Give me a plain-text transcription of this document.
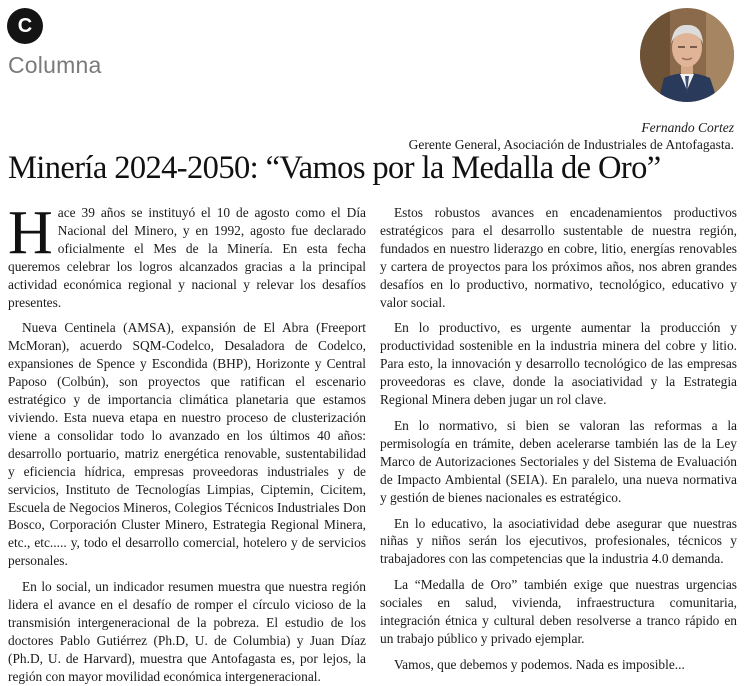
C
Columna
Fernando Cortez
Gerente General, Asociación de Industriales de Antofagasta.
Minería 2024-2050: “Vamos por la Medalla de Oro”

Hace 39 años se instituyó el 10 de agosto como el Día Nacional del Minero, y en 1992, agosto fue declarado oficialmente el Mes de la Minería. En esta fecha queremos celebrar los logros alcanzados gracias a la principal actividad económica regional y nacional y relevar los desafíos presentes.

Nueva Centinela (AMSA), expansión de El Abra (Freeport McMoran), acuerdo SQM-Codelco, Desaladora de Codelco, expansiones de Spence y Escondida (BHP), Horizonte y Central Paposo (Colbún), son proyectos que ratifican el escenario estratégico y de importancia climática planetaria que estamos viviendo. Esta nueva etapa en nuestro proceso de clusterización viene a consolidar todo lo avanzado en los últimos 40 años: desarrollo portuario, matriz energética renovable, sustentabilidad y eficiencia hídrica, empresas proveedoras industriales y de servicios, Instituto de Tecnologías Limpias, Ciptemin, Cicitem, Escuela de Negocios Mineros, Colegios Técnicos Industriales Don Bosco, Corporación Cluster Minero, Estrategia Regional Minera, etc., etc..... y, todo el desarrollo comercial, hotelero y de servicios personales.

En lo social, un indicador resumen muestra que nuestra región lidera el avance en el desafío de romper el círculo vicioso de la transmisión intergeneracional de la pobreza. El estudio de los doctores Pablo Gutiérrez (Ph.D, U. de Columbia) y Juan Díaz (Ph.D, U. de Harvard), muestra que Antofagasta es, por lejos, la región con mayor movilidad económica intergeneracional.

Estos robustos avances en encadenamientos productivos estratégicos para el desarrollo sustentable de nuestra región, fundados en nuestro liderazgo en cobre, litio, energías renovables y cartera de proyectos para los próximos años, nos abren grandes desafíos en lo productivo, normativo, tecnológico, educativo y valor social.

En lo productivo, es urgente aumentar la producción y productividad sostenible en la industria minera del cobre y litio. Para esto, la innovación y desarrollo tecnológico de las empresas proveedoras es clave, donde la asociatividad y la Estrategia Regional Minera deben jugar un rol clave.

En lo normativo, si bien se valoran las reformas a la permisología en trámite, deben acelerarse también las de la Ley Marco de Autorizaciones Sectoriales y del Sistema de Evaluación de Impacto Ambiental (SEIA). En paralelo, una nueva normativa y gestión de bienes nacionales es estratégico.

En lo educativo, la asociatividad debe asegurar que nuestras niñas y niños serán los ejecutivos, profesionales, técnicos y trabajadores con las competencias que la industria 4.0 demanda.

La “Medalla de Oro” también exige que nuestras urgencias sociales en salud, vivienda, infraestructura comunitaria, integración étnica y cultural deben resolverse a tranco rápido en un trabajo público y privado ejemplar.

Vamos, que debemos y podemos. Nada es imposible...
